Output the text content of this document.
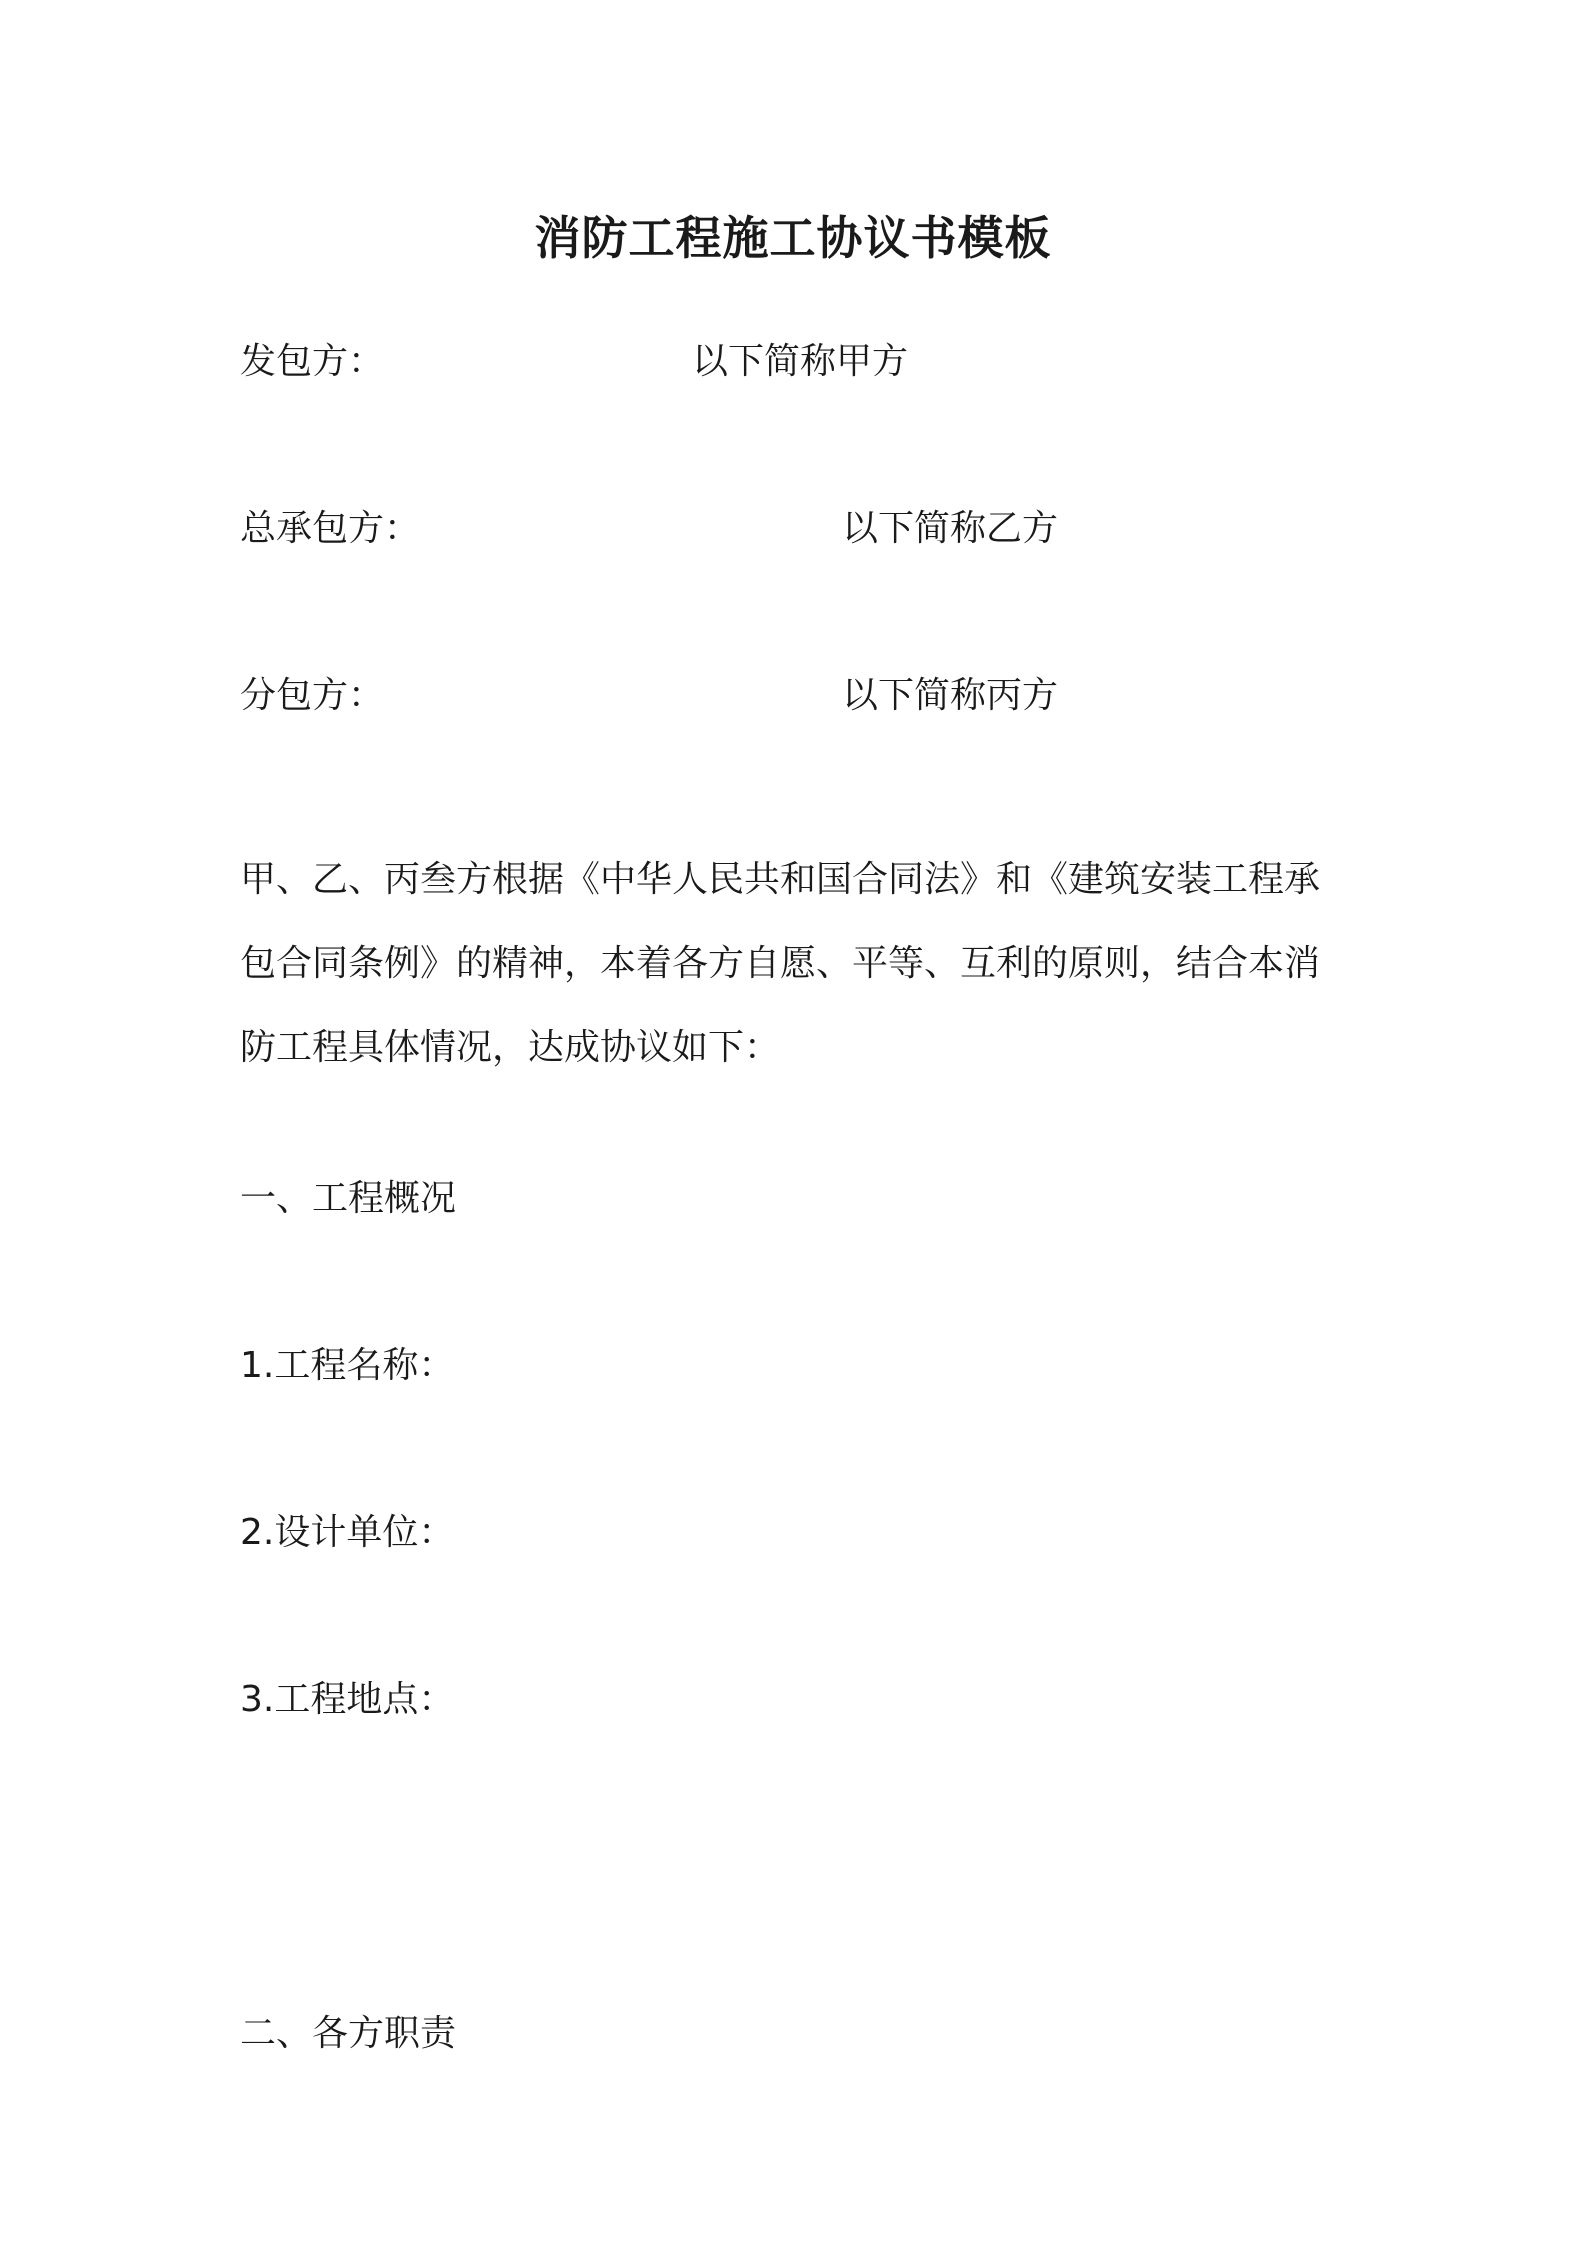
消防工程施工协议书模板
发包方：	以下简称甲方
总承包方：	以下简称乙方
分包方：	以下简称丙方
甲、乙、丙叁方根据《中华人民共和国合同法》和《建筑安装工程承
包合同条例》的精神，本着各方自愿、平等、互利的原则，结合本消
防工程具体情况，达成协议如下：
一、工程概况
1.工程名称：
2.设计单位：
3.工程地点：
二、各方职责
